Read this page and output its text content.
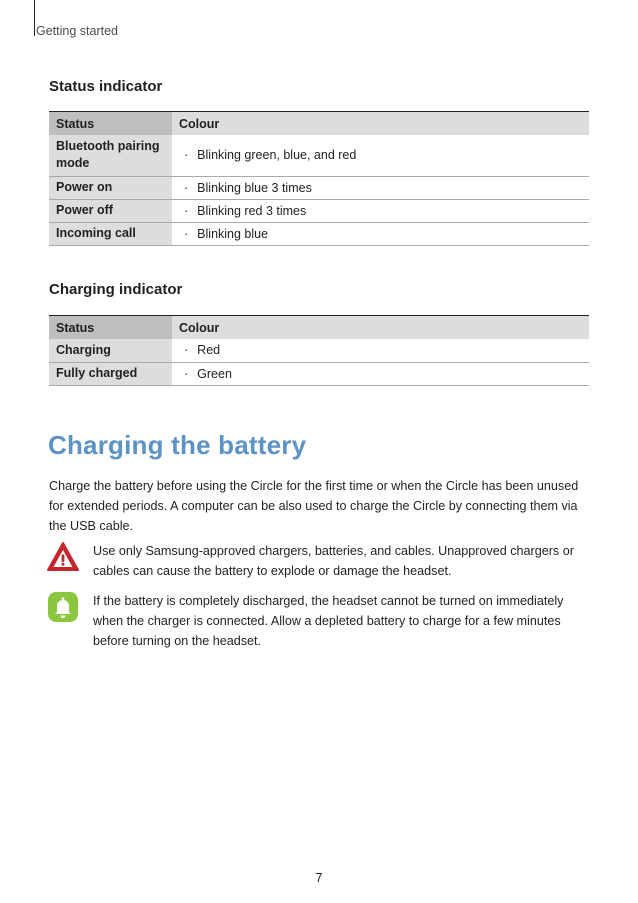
Getting started
Status indicator
Status	Colour

Bluetooth pairing mode	· Blinking green, blue, and red
Power on	· Blinking blue 3 times
Power off	· Blinking red 3 times
Incoming call	· Blinking blue
Charging indicator
Status	Colour
Charging	· Red
Fully charged	· Green
Charging the battery
Charge the battery before using the Circle for the first time or when the Circle has been unused for extended periods. A computer can be also used to charge the Circle by connecting them via the USB cable.
Use only Samsung-approved chargers, batteries, and cables. Unapproved chargers or cables can cause the battery to explode or damage the headset.
If the battery is completely discharged, the headset cannot be turned on immediately when the charger is connected. Allow a depleted battery to charge for a few minutes before turning on the headset.
7
